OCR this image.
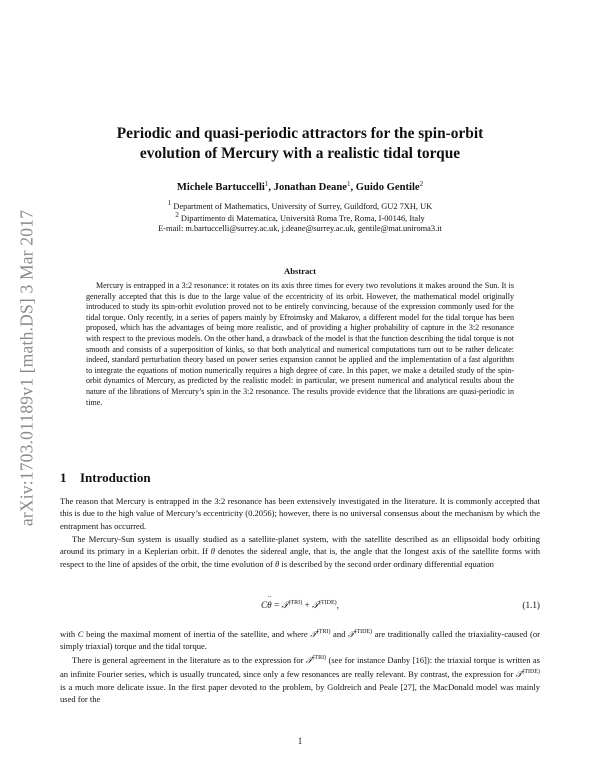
arXiv:1703.01189v1 [math.DS] 3 Mar 2017
Periodic and quasi-periodic attractors for the spin-orbit
evolution of Mercury with a realistic tidal torque
Michele Bartuccelli$^1$, Jonathan Deane$^1$, Guido Gentile$^2$
$^1$ Department of Mathematics, University of Surrey, Guildford, GU2 7XH, UK
$^2$ Dipartimento di Matematica, Università Roma Tre, Roma, I-00146, Italy
E-mail: m.bartuccelli@surrey.ac.uk, j.deane@surrey.ac.uk, gentile@mat.uniroma3.it
Abstract

Mercury is entrapped in a 3:2 resonance: it rotates on its axis three times for every two revolutions it makes around the Sun. It is generally accepted that this is due to the large value of the eccentricity of its orbit. However, the mathematical model originally introduced to study its spin-orbit evolution proved not to be entirely convincing, because of the expression commonly used for the tidal torque. Only recently, in a series of papers mainly by Efroimsky and Makarov, a different model for the tidal torque has been proposed, which has the advantages of being more realistic, and of providing a higher probability of capture in the 3:2 resonance with respect to the previous models. On the other hand, a drawback of the model is that the function describing the tidal torque is not smooth and consists of a superposition of kinks, so that both analytical and numerical computations turn out to be rather delicate: indeed, standard perturbation theory based on power series expansion cannot be applied and the implementation of a fast algorithm to integrate the equations of motion numerically requires a high degree of care. In this paper, we make a detailed study of the spin-orbit dynamics of Mercury, as predicted by the realistic model: in particular, we present numerical and analytical results about the nature of the librations of Mercury’s spin in the 3:2 resonance. The results provide evidence that the librations are quasi-periodic in time.

1 Introduction

The reason that Mercury is entrapped in the 3:2 resonance has been extensively investigated in the literature. It is commonly accepted that this is due to the high value of Mercury’s eccentricity (0.2056); however, there is no universal consensus about the mechanism by which the entrapment has occurred.

The Mercury-Sun system is usually studied as a satellite-planet system, with the satellite described as an ellipsoidal body orbiting around its primary in a Keplerian orbit. If θ denotes the sidereal angle, that is, the angle that the longest axis of the satellite forms with respect to the line of apsides of the orbit, the time evolution of θ is described by the second order ordinary differential equation

C¨ θ = 𝒯$^{(TRI)}$ + 𝒯$^{(TIDE)}$,	(1.1)

with C being the maximal moment of inertia of the satellite, and where 𝒯$^{(TRI)}$ and 𝒯$^{(TIDE)}$ are traditionally called the triaxiality-caused (or simply triaxial) torque and the tidal torque.

There is general agreement in the literature as to the expression for 𝒯$^{(TRI)}$ (see for instance Danby [16]): the triaxial torque is written as an infinite Fourier series, which is usually truncated, since only a few resonances are really relevant. By contrast, the expression for 𝒯$^{(TIDE)}$ is a much more delicate issue. In the first paper devoted to the problem, by Goldreich and Peale [27], the MacDonald model was mainly used for the

1
